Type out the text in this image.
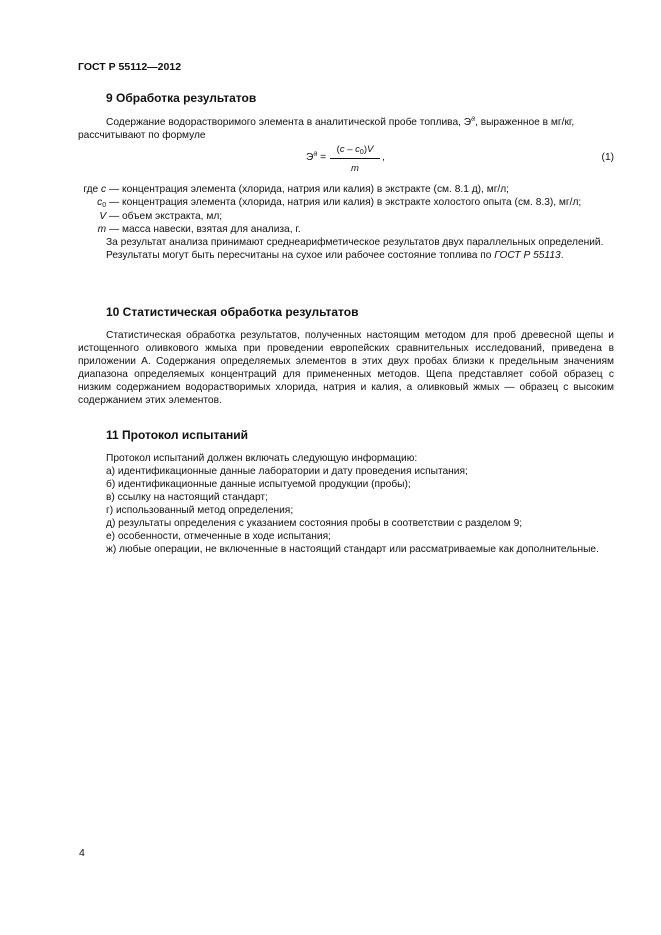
ГОСТ Р 55112—2012
9 Обработка результатов

Содержание водорастворимого элемента в аналитической пробе топлива, $Э^а$, выраженное в мг/кг,

рассчитывают по формуле
$Э^а$ =
$(c - c_0)V$
m
,	(1)
где c — концентрация элемента (хлорида, натрия или калия) в экстракте (см. 8.1 д), мг/л;
c0 — концентрация элемента (хлорида, натрия или калия) в экстракте холостого опыта (см. 8.3), мг/л;
V — объем экстракта, мл;
m — масса навески, взятая для анализа, г.

За результат анализа принимают среднеарифметическое результатов двух параллельных определений.

Результаты могут быть пересчитаны на сухое или рабочее состояние топлива по ГОСТ Р 55113.

10 Статистическая обработка результатов

Статистическая обработка результатов, полученных настоящим методом для проб древесной щепы и истощенного оливкового жмыха при проведении европейских сравнительных исследований, приведена в приложении А. Содержания определяемых элементов в этих двух пробах близки к предельным значениям диапазона определяемых концентраций для примененных методов. Щепа представляет собой образец с низким содержанием водорастворимых хлорида, натрия и калия, а оливковый жмых — образец с высоким содержанием этих элементов.

11 Протокол испытаний

Протокол испытаний должен включать следующую информацию:

а) идентификационные данные лаборатории и дату проведения испытания;

б) идентификационные данные испытуемой продукции (пробы);

в) ссылку на настоящий стандарт;

г) использованный метод определения;

д) результаты определения с указанием состояния пробы в соответствии с разделом 9;

е) особенности, отмеченные в ходе испытания;

ж) любые операции, не включенные в настоящий стандарт или рассматриваемые как дополнительные.

4
